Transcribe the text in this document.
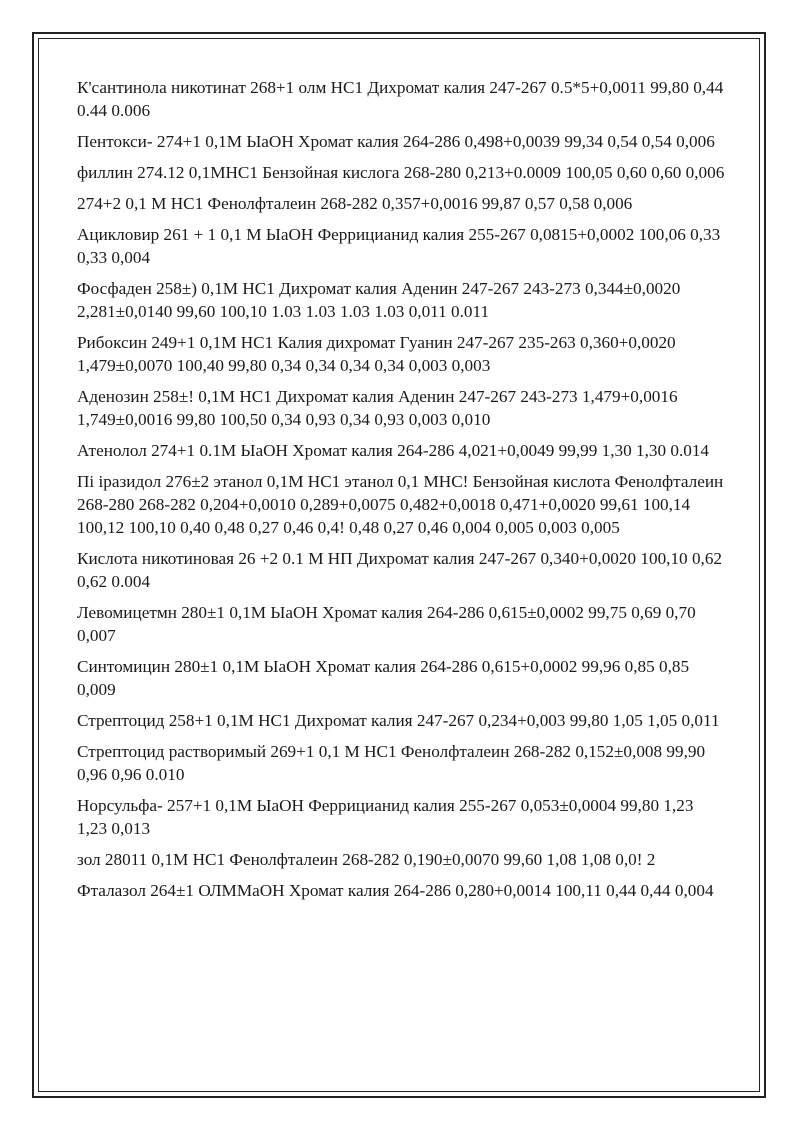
К'сантинола никотинат 268+1 олм НС1 Дихромат калия 247-267 0.5*5+0,0011 99,80 0,44 0.44 0.006

Пентокси- 274+1 0,1М ЫаОН Хромат калия 264-286 0,498+0,0039 99,34 0,54 0,54 0,006

филлин 274.12 0,1МНС1 Бензойная кислога 268-280 0,213+0.0009 100,05 0,60 0,60 0,006

274+2 0,1 М НС1 Фенолфталеин 268-282 0,357+0,0016 99,87 0,57 0,58 0,006

Ацикловир 261 + 1 0,1 М ЫаОН Феррицианид калия 255-267 0,0815+0,0002 100,06 0,33 0,33 0,004

Фосфаден 258±) 0,1М НС1 Дихромат калия Аденин 247-267 243-273 0,344±0,0020 2,281±0,0140 99,60 100,10 1.03 1.03 1.03 1.03 0,011 0.011

Рибоксин 249+1 0,1М НС1 Калия дихромат Гуанин 247-267 235-263 0,360+0,0020 1,479±0,0070 100,40 99,80 0,34 0,34 0,34 0,34 0,003 0,003

Аденозин 258±! 0,1М НС1 Дихромат калия Аденин 247-267 243-273 1,479+0,0016 1,749±0,0016 99,80 100,50 0,34 0,93 0,34 0,93 0,003 0,010

Атенолол 274+1 0.1М ЫаОН Хромат калия 264-286 4,021+0,0049 99,99 1,30 1,30 0.014

Пі іразидол 276±2 этанол 0,1М НС1 этанол 0,1 МНС! Бензойная кислота Фенолфталеин 268-280 268-282 0,204+0,0010 0,289+0,0075 0,482+0,0018 0,471+0,0020 99,61 100,14 100,12 100,10 0,40 0,48 0,27 0,46 0,4! 0,48 0,27 0,46 0,004 0,005 0,003 0,005

Кислота никотиновая 26 +2 0.1 М НП Дихромат калия 247-267 0,340+0,0020 100,10 0,62 0,62 0.004

Левомицетмн 280±1 0,1М ЫаОН Хромат калия 264-286 0,615±0,0002 99,75 0,69 0,70 0,007

Синтомицин 280±1 0,1М ЫаОН Хромат калия 264-286 0,615+0,0002 99,96 0,85 0,85 0,009

Стрептоцид 258+1 0,1М НС1 Дихромат калия 247-267 0,234+0,003 99,80 1,05 1,05 0,011

Стрептоцид растворимый 269+1 0,1 М НС1 Фенолфталеин 268-282 0,152±0,008 99,90 0,96 0,96 0.010

Норсульфа- 257+1 0,1М ЫаОН Феррицианид калия 255-267 0,053±0,0004 99,80 1,23 1,23 0,013

зол 28011 0,1М НС1 Фенолфталеин 268-282 0,190±0,0070 99,60 1,08 1,08 0,0! 2

Фталазол 264±1 ОЛММаОН Хромат калия 264-286 0,280+0,0014 100,11 0,44 0,44 0,004
